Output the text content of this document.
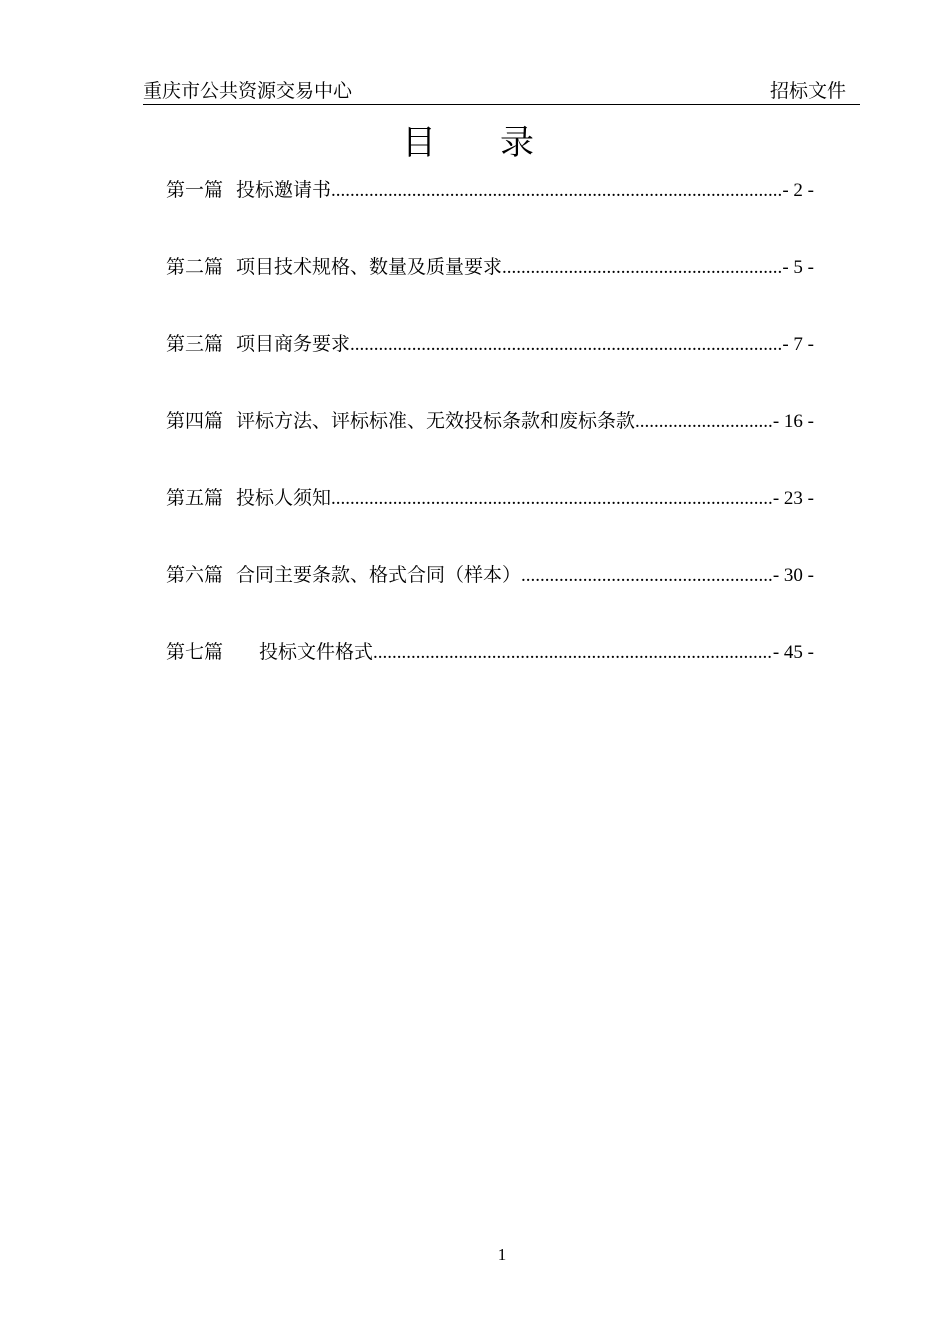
重庆市公共资源交易中心	招标文件
目录
第一篇 投标邀请书 .....	- 2 -
第二篇 项目技术规格、数量及质量要求 .....	- 5 -
第三篇 项目商务要求 .....	- 7 -
第四篇 评标方法、评标标准、无效投标条款和废标条款 .....	- 16 -
第五篇 投标人须知 .....	- 23 -
第六篇 合同主要条款、格式合同（样本） .....	- 30 -
第七篇 投标文件格式 .....	- 45 -
1
